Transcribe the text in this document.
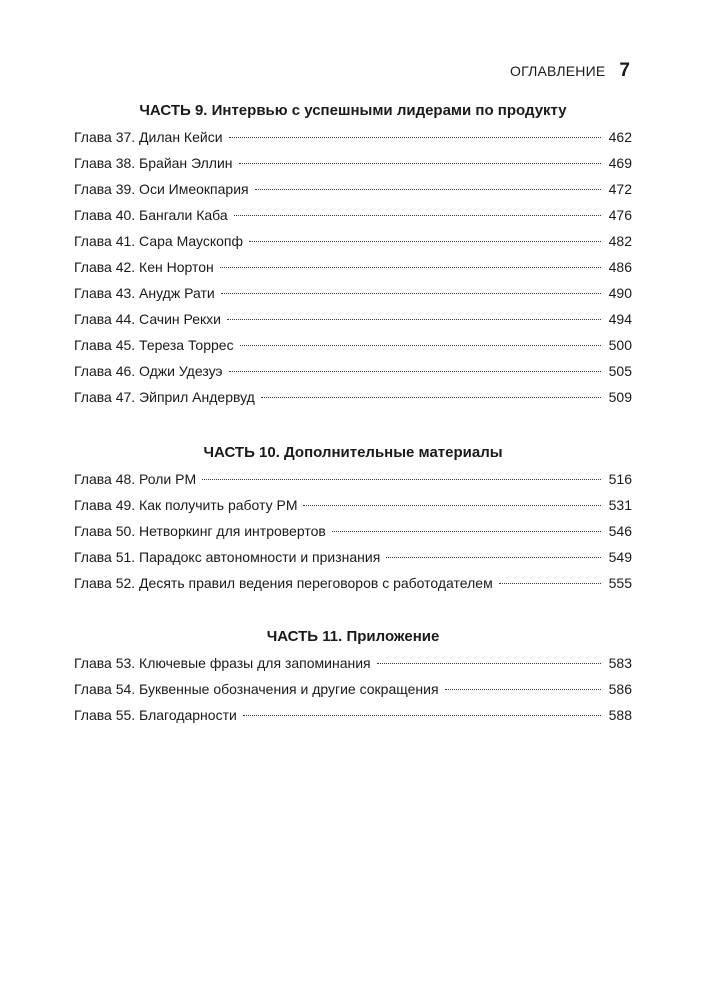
ОГЛАВЛЕНИЕ 7
ЧАСТЬ 9. Интервью с успешными лидерами по продукту
Глава 37. Дилан Кейси	462
Глава 38. Брайан Эллин	469
Глава 39. Оси Имеокпария	472
Глава 40. Бангали Каба	476
Глава 41. Сара Маускопф	482
Глава 42. Кен Нортон	486
Глава 43. Анудж Рати	490
Глава 44. Сачин Рекхи	494
Глава 45. Тереза Торрес	500
Глава 46. Оджи Удезуэ	505
Глава 47. Эйприл Андервуд	509
ЧАСТЬ 10. Дополнительные материалы
Глава 48. Роли PM	516
Глава 49. Как получить работу PM	531
Глава 50. Нетворкинг для интровертов	546
Глава 51. Парадокс автономности и признания	549
Глава 52. Десять правил ведения переговоров с работодателем	555
ЧАСТЬ 11. Приложение
Глава 53. Ключевые фразы для запоминания	583
Глава 54. Буквенные обозначения и другие сокращения	586
Глава 55. Благодарности	588
